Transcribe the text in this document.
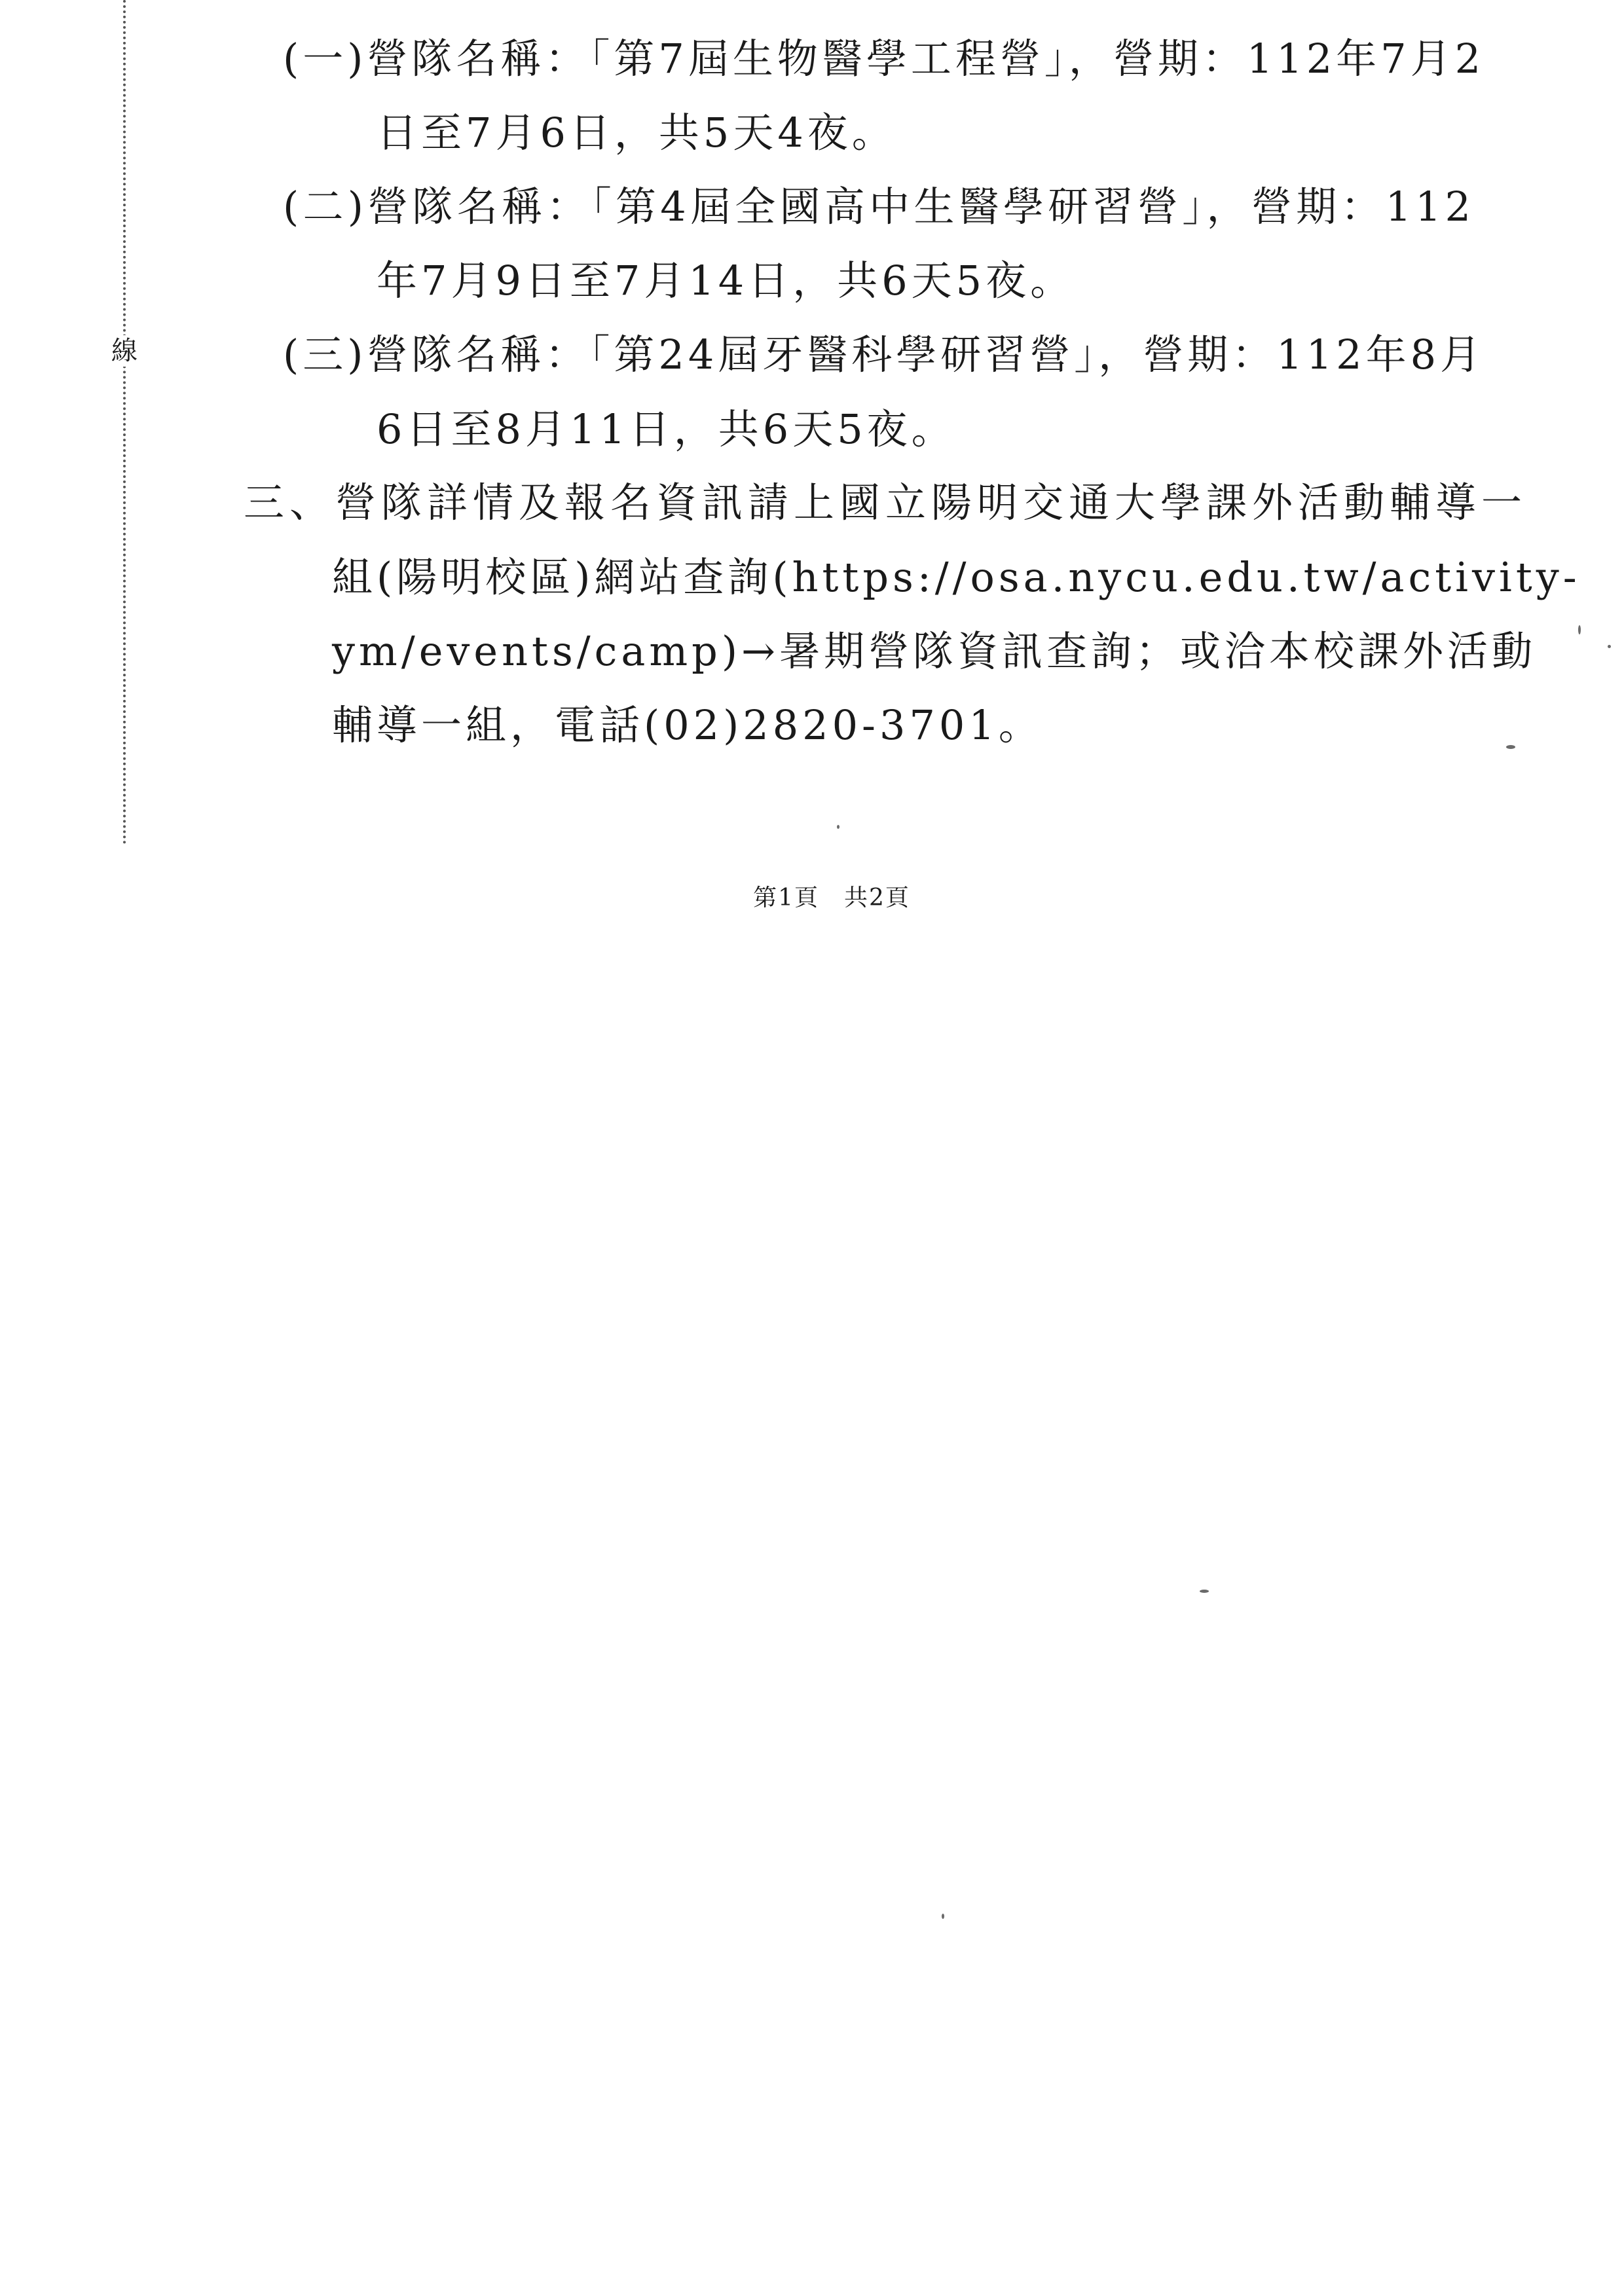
線
(一)營隊名稱：「第7屆生物醫學工程營」，營期：112年7月2
日至7月6日，共5天4夜。
(二)營隊名稱：「第4屆全國高中生醫學研習營」，營期：112
年7月9日至7月14日，共6天5夜。
(三)營隊名稱：「第24屆牙醫科學研習營」，營期：112年8月
6日至8月11日，共6天5夜。
三、營隊詳情及報名資訊請上國立陽明交通大學課外活動輔導一
組(陽明校區)網站查詢(https://osa.nycu.edu.tw/activity-
ym/events/camp)→暑期營隊資訊查詢；或洽本校課外活動
輔導一組，電話(02)2820-3701。
第1頁　共2頁
